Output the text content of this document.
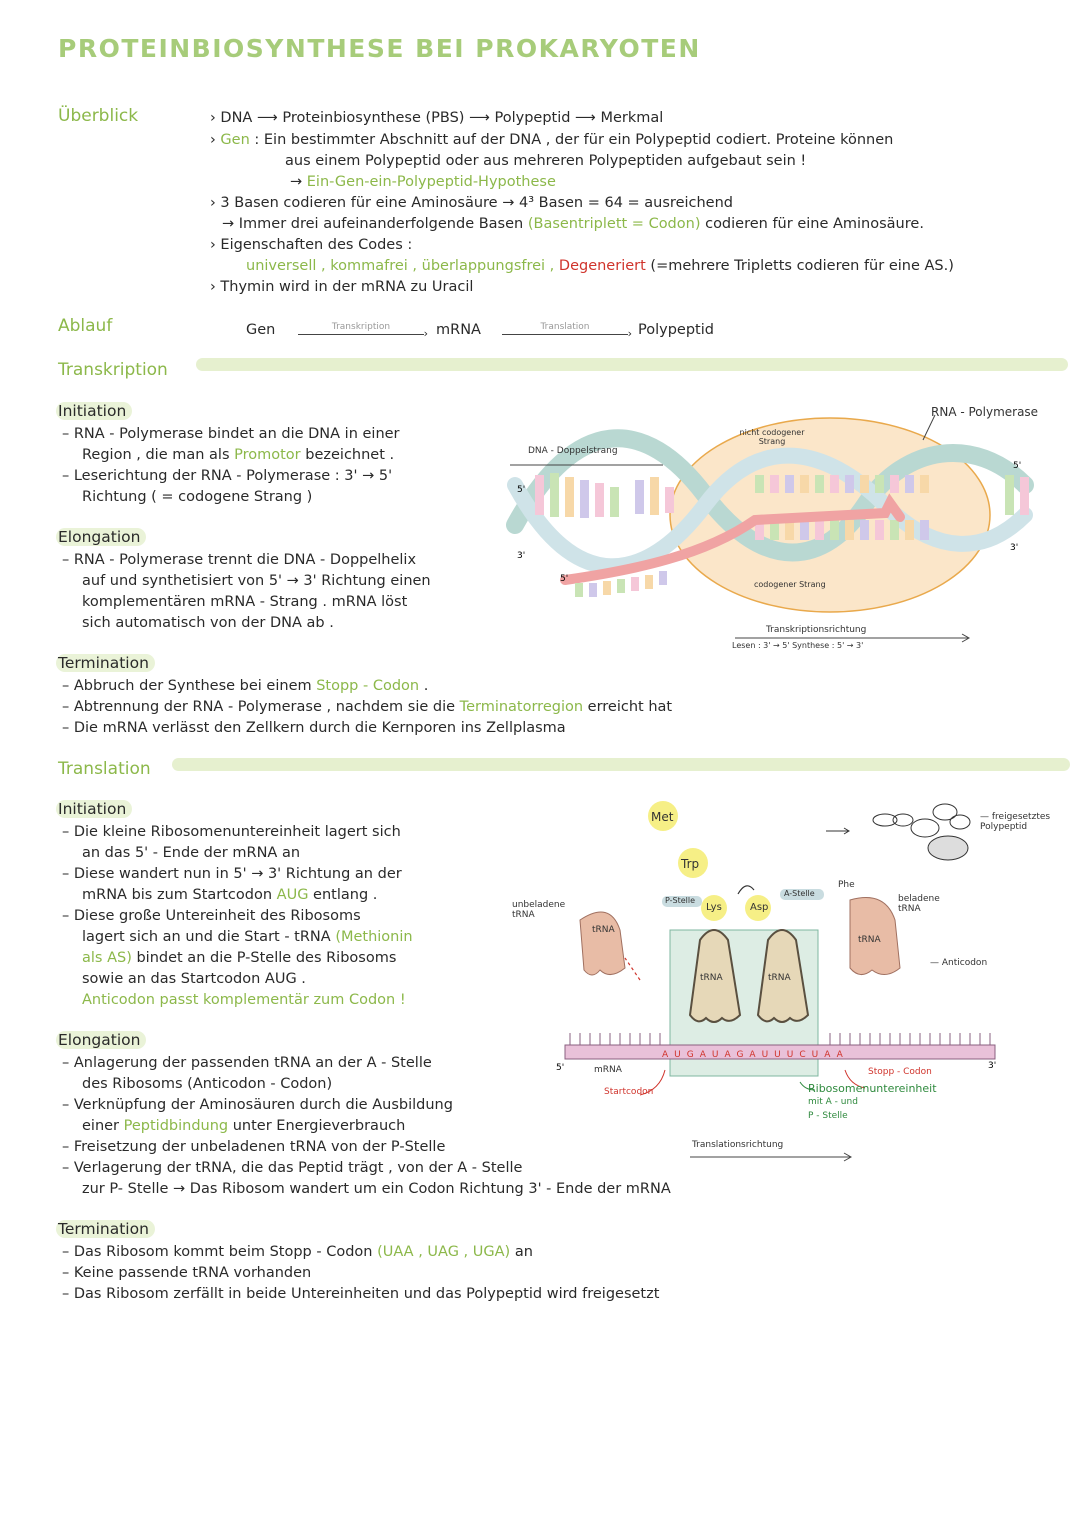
PROTEINBIOSYNTHESE BEI PROKARYOTEN
Überblick	› DNA ⟶ Proteinbiosynthese (PBS) ⟶ Polypeptid ⟶ Merkmal
› Gen : Ein bestimmter Abschnitt auf der DNA , der für ein Polypeptid codiert. Proteine können
aus einem Polypeptid oder aus mehreren Polypeptiden aufgebaut sein !
→ Ein-Gen-ein-Polypeptid-Hypothese
› 3 Basen codieren für eine Aminosäure → 4³ Basen = 64 = ausreichend
→ Immer drei aufeinanderfolgende Basen (Basentriplett = Codon) codieren für eine Aminosäure.
› Eigenschaften des Codes :
universell , kommafrei , überlappungsfrei , Degeneriert (=mehrere Tripletts codieren für eine AS.)
› Thymin wird in der mRNA zu Uracil
Ablauf	Gen	Transkription	› mRNA	Translation	› Polypeptid
Transkription
Initiation
– RNA - Polymerase bindet an die DNA in einer
Region , die man als Promotor bezeichnet .
– Leserichtung der RNA - Polymerase : 3' → 5'
Richtung ( = codogene Strang )
Elongation
– RNA - Polymerase trennt die DNA - Doppelhelix
auf und synthetisiert von 5' → 3' Richtung einen
komplementären mRNA - Strang . mRNA löst
sich automatisch von der DNA ab .
Termination
– Abbruch der Synthese bei einem Stopp - Codon .
– Abtrennung der RNA - Polymerase , nachdem sie die Terminatorregion erreicht hat
– Die mRNA verlässt den Zellkern durch die Kernporen ins Zellplasma
5'
3'
5'
5'
3'
RNA - Polymerase
nicht codogener Strang
DNA - Doppelstrang
codogener Strang
Transkriptionsrichtung
Lesen : 3' → 5' Synthese : 5' → 3'
Translation
Initiation
– Die kleine Ribosomenuntereinheit lagert sich
an das 5' - Ende der mRNA an
– Diese wandert nun in 5' → 3' Richtung an der
mRNA bis zum Startcodon AUG entlang .
– Diese große Untereinheit des Ribosoms
lagert sich an und die Start - tRNA (Methionin
als AS) bindet an die P-Stelle des Ribosoms
sowie an das Startcodon AUG .
Anticodon passt komplementär zum Codon !
Elongation
– Anlagerung der passenden tRNA an der A - Stelle
des Ribosoms (Anticodon - Codon)
– Verknüpfung der Aminosäuren durch die Ausbildung
einer Peptidbindung unter Energieverbrauch
– Freisetzung der unbeladenen tRNA von der P-Stelle
– Verlagerung der tRNA, die das Peptid trägt , von der A - Stelle
zur P- Stelle → Das Ribosom wandert um ein Codon Richtung 3' - Ende der mRNA
Termination
– Das Ribosom kommt beim Stopp - Codon (UAA , UAG , UGA) an
– Keine passende tRNA vorhanden
– Das Ribosom zerfällt in beide Untereinheiten und das Polypeptid wird freigesetzt
5'	3'
AUGAUAGAUUUCUAA
Met
Trp
Lys	Asp
Phe
P-Stelle
A-Stelle
unbeladene tRNA
beladene tRNA
tRNA
tRNA	tRNA
tRNA
— Anticodon
— freigesetztes Polypeptid
mRNA
Startcodon
Stopp - Codon
Ribosomenuntereinheit
mit A - und
P - Stelle
Translationsrichtung
